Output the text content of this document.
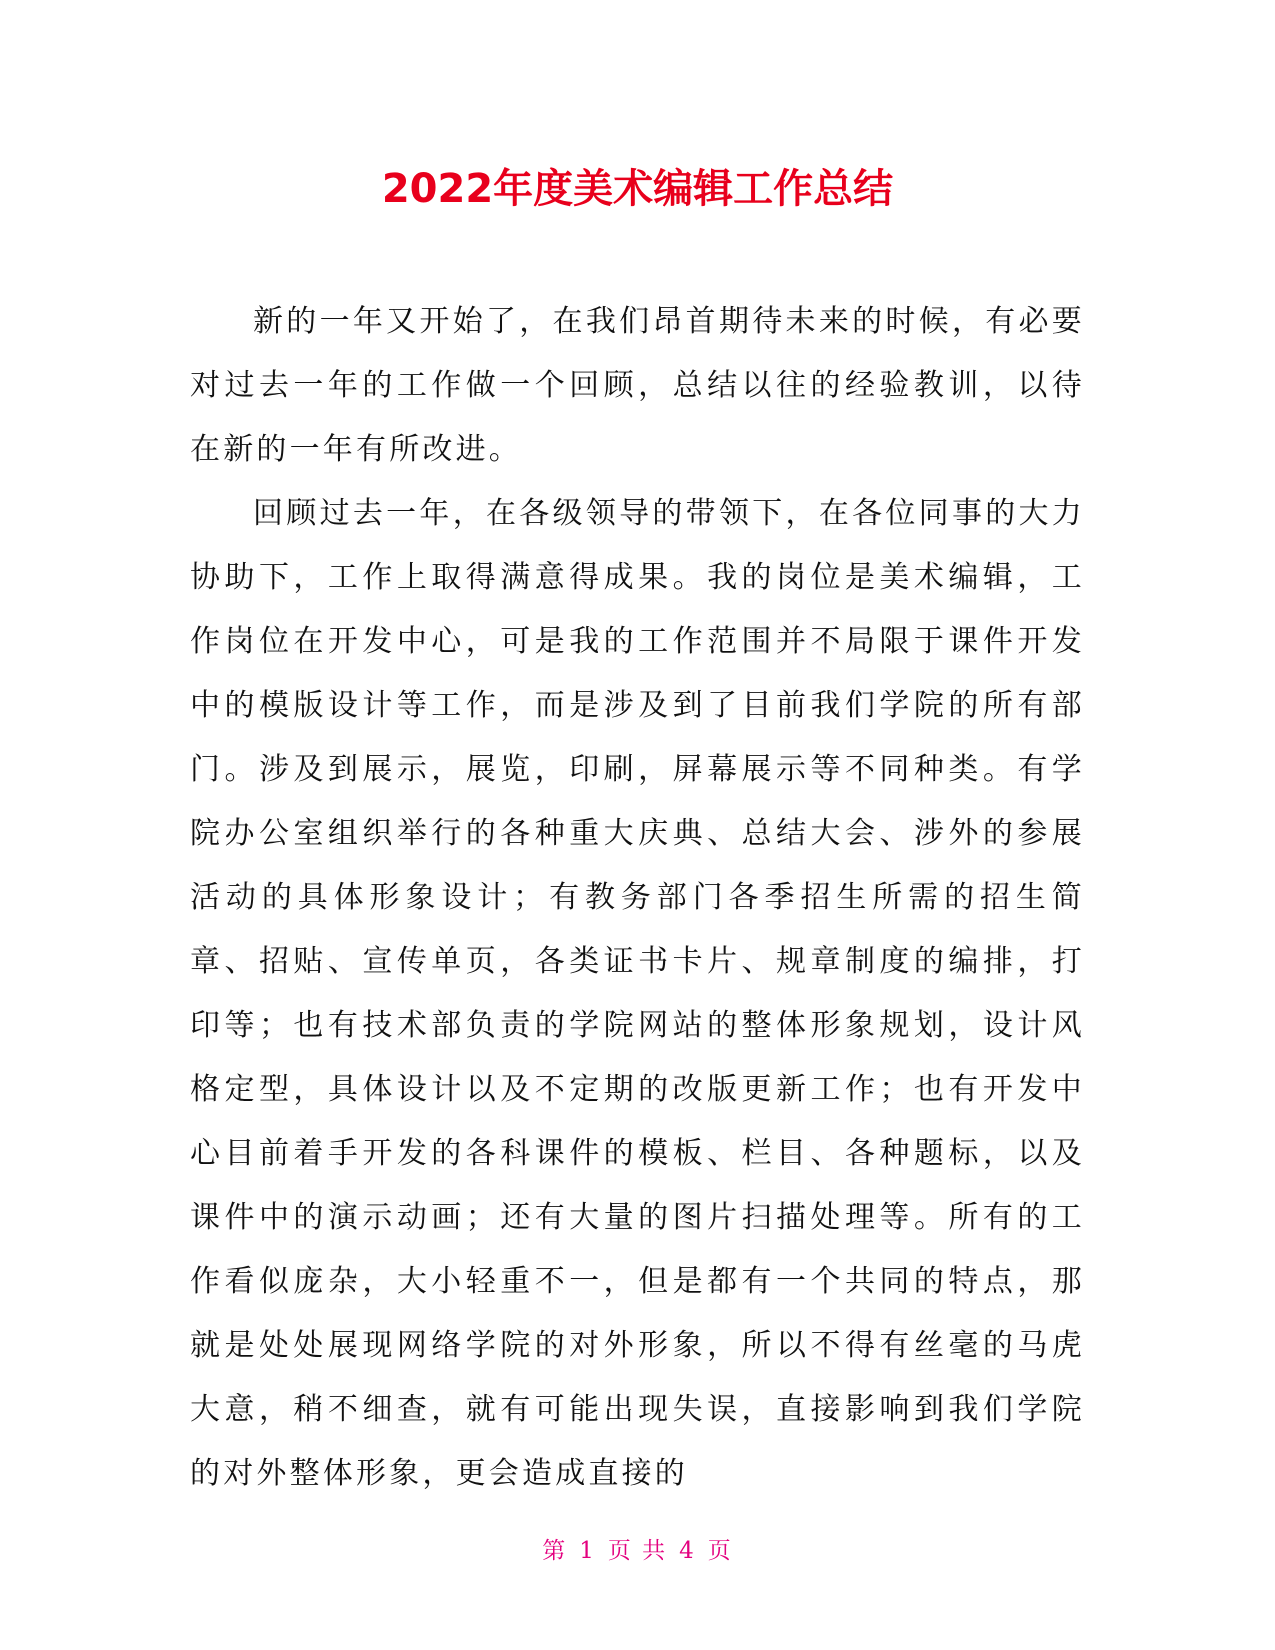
2022年度美术编辑工作总结

新的一年又开始了，在我们昂首期待未来的时候，有必要对过去一年的工作做一个回顾，总结以往的经验教训，以待在新的一年有所改进。

回顾过去一年，在各级领导的带领下，在各位同事的大力协助下，工作上取得满意得成果。我的岗位是美术编辑，工作岗位在开发中心，可是我的工作范围并不局限于课件开发中的模版设计等工作，而是涉及到了目前我们学院的所有部门。涉及到展示，展览，印刷，屏幕展示等不同种类。有学院办公室组织举行的各种重大庆典、总结大会、涉外的参展活动的具体形象设计；有教务部门各季招生所需的招生简章、招贴、宣传单页，各类证书卡片、规章制度的编排，打印等；也有技术部负责的学院网站的整体形象规划，设计风格定型，具体设计以及不定期的改版更新工作；也有开发中心目前着手开发的各科课件的模板、栏目、各种题标，以及课件中的演示动画；还有大量的图片扫描处理等。所有的工作看似庞杂，大小轻重不一，但是都有一个共同的特点，那就是处处展现网络学院的对外形象，所以不得有丝毫的马虎大意，稍不细查，就有可能出现失误，直接影响到我们学院的对外整体形象，更会造成直接的

第 1 页 共 4 页
